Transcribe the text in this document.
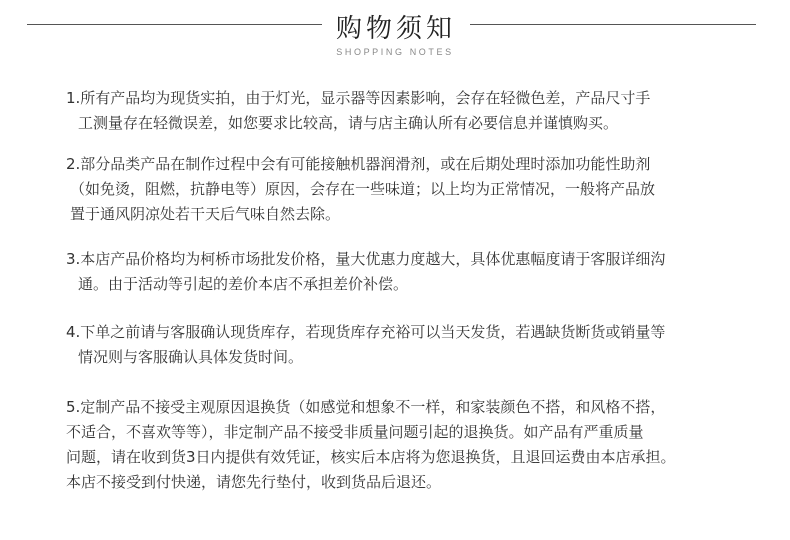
购物须知
SHOPPING NOTES
1.所有产品均为现货实拍，由于灯光，显示器等因素影响，会存在轻微色差，产品尺寸手
工测量存在轻微误差，如您要求比较高，请与店主确认所有必要信息并谨慎购买。
2.部分品类产品在制作过程中会有可能接触机器润滑剂，或在后期处理时添加功能性助剂
（如免烫，阻燃，抗静电等）原因，会存在一些味道；以上均为正常情况，一般将产品放
置于通风阴凉处若干天后气味自然去除。
3.本店产品价格均为柯桥市场批发价格，量大优惠力度越大，具体优惠幅度请于客服详细沟
通。由于活动等引起的差价本店不承担差价补偿。
4.下单之前请与客服确认现货库存，若现货库存充裕可以当天发货，若遇缺货断货或销量等
情况则与客服确认具体发货时间。
5.定制产品不接受主观原因退换货（如感觉和想象不一样，和家装颜色不搭，和风格不搭，
不适合，不喜欢等等），非定制产品不接受非质量问题引起的退换货。如产品有严重质量
问题，请在收到货3日内提供有效凭证，核实后本店将为您退换货，且退回运费由本店承担。
本店不接受到付快递，请您先行垫付，收到货品后退还。
